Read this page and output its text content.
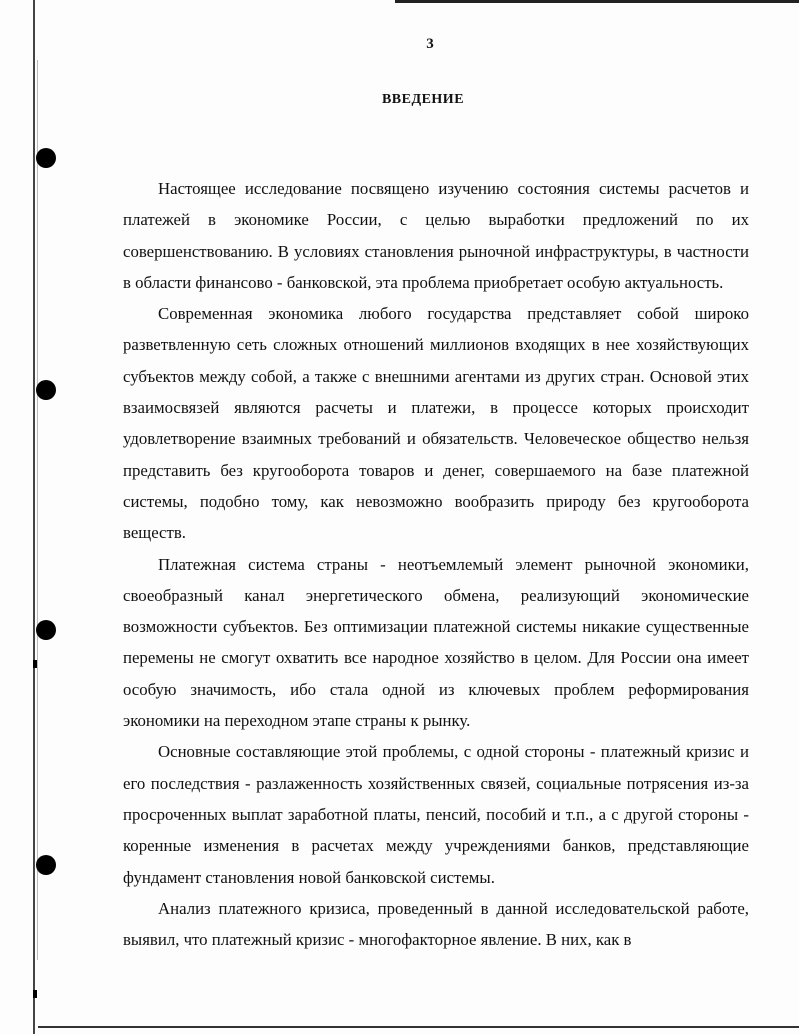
3
ВВЕДЕНИЕ

Настоящее исследование посвящено изучению состояния системы расчетов и платежей в экономике России, с целью выработки предложений по их совершенствованию. В условиях становления рыночной инфраструктуры, в частности в области финансово - банковской, эта проблема приобретает особую актуальность.

Современная экономика любого государства представляет собой широко разветвленную сеть сложных отношений миллионов входящих в нее хозяйствующих субъектов между собой, а также с внешними агентами из других стран. Основой этих взаимосвязей являются расчеты и платежи, в процессе которых происходит удовлетворение взаимных требований и обязательств. Человеческое общество нельзя представить без кругооборота товаров и денег, совершаемого на базе платежной системы, подобно тому, как невозможно вообразить природу без кругооборота веществ.

Платежная система страны - неотъемлемый элемент рыночной экономики, своеобразный канал энергетического обмена, реализующий экономические возможности субъектов. Без оптимизации платежной системы никакие существенные перемены не смогут охватить все народное хозяйство в целом. Для России она имеет особую значимость, ибо стала одной из ключевых проблем реформирования экономики на переходном этапе страны к рынку.

Основные составляющие этой проблемы, с одной стороны - платежный кризис и его последствия - разлаженность хозяйственных связей, социальные потрясения из-за просроченных выплат заработной платы, пенсий, пособий и т.п., а с другой стороны - коренные изменения в расчетах между учреждениями банков, представляющие фундамент становления новой банковской системы.

Анализ платежного кризиса, проведенный в данной исследовательской работе, выявил, что платежный кризис - многофакторное явление. В них, как в
